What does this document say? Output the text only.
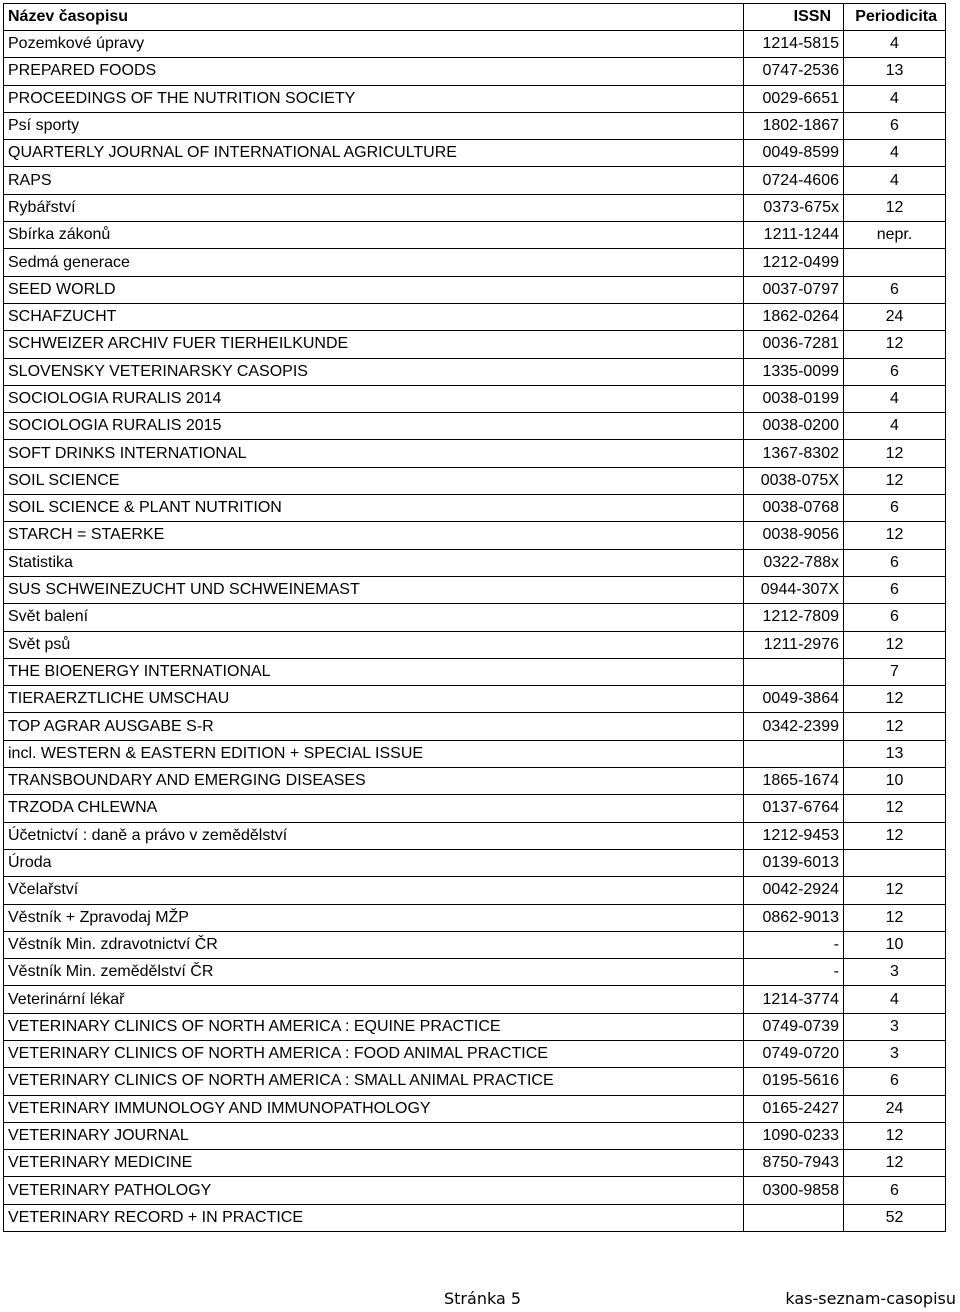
Název časopisu	ISSN	Periodicita
Pozemkové úpravy	1214-5815	4
PREPARED FOODS	0747-2536	13
PROCEEDINGS OF THE NUTRITION SOCIETY	0029-6651	4
Psí sporty	1802-1867	6
QUARTERLY JOURNAL OF INTERNATIONAL AGRICULTURE	0049-8599	4
RAPS	0724-4606	4
Rybářství	0373-675x	12
Sbírka zákonů	1211-1244	nepr.
Sedmá generace	1212-0499	
SEED WORLD	0037-0797	6
SCHAFZUCHT	1862-0264	24
SCHWEIZER ARCHIV FUER TIERHEILKUNDE	0036-7281	12
SLOVENSKY VETERINARSKY CASOPIS	1335-0099	6
SOCIOLOGIA RURALIS 2014	0038-0199	4
SOCIOLOGIA RURALIS 2015	0038-0200	4
SOFT DRINKS INTERNATIONAL	1367-8302	12
SOIL SCIENCE	0038-075X	12
SOIL SCIENCE & PLANT NUTRITION	0038-0768	6
STARCH = STAERKE	0038-9056	12
Statistika	0322-788x	6
SUS SCHWEINEZUCHT UND SCHWEINEMAST	0944-307X	6
Svět balení	1212-7809	6
Svět psů	1211-2976	12
THE BIOENERGY INTERNATIONAL		7
TIERAERZTLICHE UMSCHAU	0049-3864	12
TOP AGRAR AUSGABE S-R	0342-2399	12
incl. WESTERN & EASTERN EDITION + SPECIAL ISSUE		13
TRANSBOUNDARY AND EMERGING DISEASES	1865-1674	10
TRZODA CHLEWNA	0137-6764	12
Účetnictví : daně a právo v zemědělství	1212-9453	12
Úroda	0139-6013	
Včelařství	0042-2924	12
Věstník + Zpravodaj MŽP	0862-9013	12
Věstník Min. zdravotnictví ČR	-	10
Věstník Min. zemědělství ČR	-	3
Veterinární lékař	1214-3774	4
VETERINARY CLINICS OF NORTH AMERICA : EQUINE PRACTICE	0749-0739	3
VETERINARY CLINICS OF NORTH AMERICA : FOOD ANIMAL PRACTICE	0749-0720	3
VETERINARY CLINICS OF NORTH AMERICA : SMALL ANIMAL PRACTICE	0195-5616	6
VETERINARY IMMUNOLOGY AND IMMUNOPATHOLOGY	0165-2427	24
VETERINARY JOURNAL	1090-0233	12
VETERINARY MEDICINE	8750-7943	12
VETERINARY PATHOLOGY	0300-9858	6
VETERINARY RECORD + IN PRACTICE		52
Stránka 5	kas-seznam-casopisu
